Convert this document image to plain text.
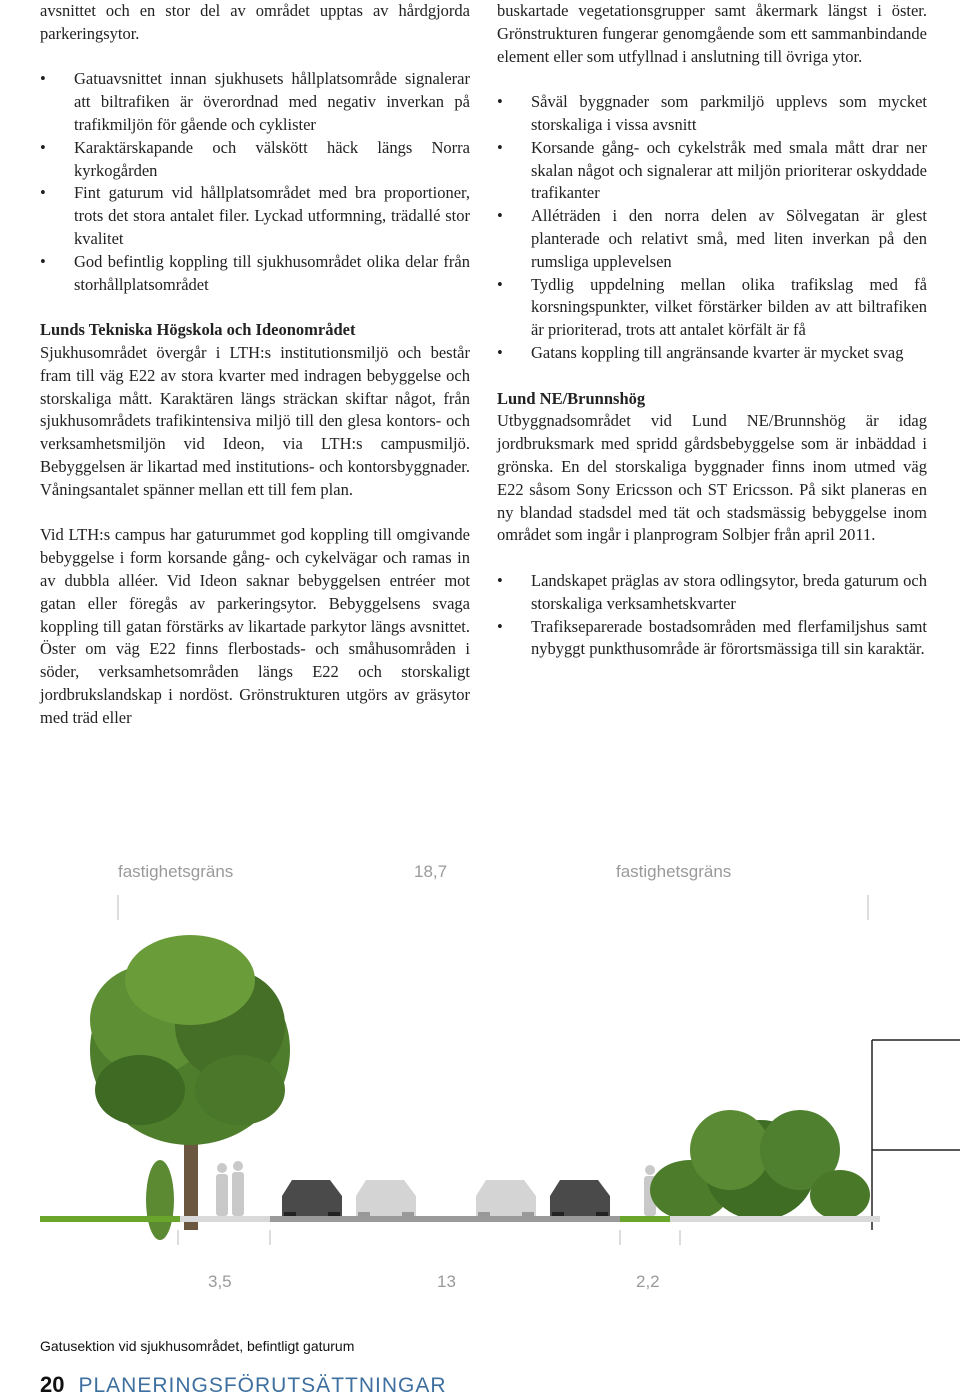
avsnittet och en stor del av området upptas av hårdgjorda parkeringsytor.

• Gatuavsnittet innan sjukhusets hållplatsområde signalerar att biltrafiken är överordnad med negativ inverkan på trafikmiljön för gående och cyklister
• Karaktärskapande och välskött häck längs Norra kyrkogården
• Fint gaturum vid hållplatsområdet med bra proportioner, trots det stora antalet filer. Lyckad utformning, trädallé stor kvalitet
• God befintlig koppling till sjukhusområdet olika delar från storhållplatsområdet
Lunds Tekniska Högskola och Ideonområdet

Sjukhusområdet övergår i LTH:s institutionsmiljö och består fram till väg E22 av stora kvarter med indragen bebyggelse och storskaliga mått. Karaktären längs sträckan skiftar något, från sjukhusområdets trafikintensiva miljö till den glesa kontors- och verksamhetsmiljön vid Ideon, via LTH:s campusmiljö. Bebyggelsen är likartad med institutions- och kontorsbyggnader. Våningsantalet spänner mellan ett till fem plan.

Vid LTH:s campus har gaturummet god koppling till omgivande bebyggelse i form korsande gång- och cykelvägar och ramas in av dubbla alléer. Vid Ideon saknar bebyggelsen entréer mot gatan eller föregås av parkeringsytor. Bebyggelsens svaga koppling till gatan förstärks av likartade parkytor längs avsnittet. Öster om väg E22 finns flerbostads- och småhusområden i söder, verksamhetsområden längs E22 och storskaligt jordbrukslandskap i nordöst. Grönstrukturen utgörs av gräsytor med träd eller

buskartade vegetationsgrupper samt åkermark längst i öster. Grönstrukturen fungerar genomgående som ett sammanbindande element eller som utfyllnad i anslutning till övriga ytor.

• Såväl byggnader som parkmiljö upplevs som mycket storskaliga i vissa avsnitt
• Korsande gång- och cykelstråk med smala mått drar ner skalan något och signalerar att miljön prioriterar oskyddade trafikanter
• Alléträden i den norra delen av Sölvegatan är glest planterade och relativt små, med liten inverkan på den rumsliga upplevelsen
• Tydlig uppdelning mellan olika trafikslag med få korsningspunkter, vilket förstärker bilden av att biltrafiken är prioriterad, trots att antalet körfält är få
• Gatans koppling till angränsande kvarter är mycket svag
Lund NE/Brunnshög

Utbyggnadsområdet vid Lund NE/Brunnshög är idag jordbruksmark med spridd gårdsbebyggelse som är inbäddad i grönska. En del storskaliga byggnader finns inom utmed väg E22 såsom Sony Ericsson och ST Ericsson. På sikt planeras en ny blandad stadsdel med tät och stadsmässig bebyggelse inom området som ingår i planprogram Solbjer från april 2011.

• Landskapet präglas av stora odlingsytor, breda gaturum och storskaliga verksamhetskvarter
• Trafikseparerade bostadsområden med flerfamiljshus samt nybyggt punkthusområde är förortsmässiga till sin karaktär.
fastighetsgräns	18,7	fastighetsgräns
3,5	13	2,2
Gatusektion vid sjukhusområdet, befintligt gaturum
20 PLANERINGSFÖRUTSÄTTNINGAR
